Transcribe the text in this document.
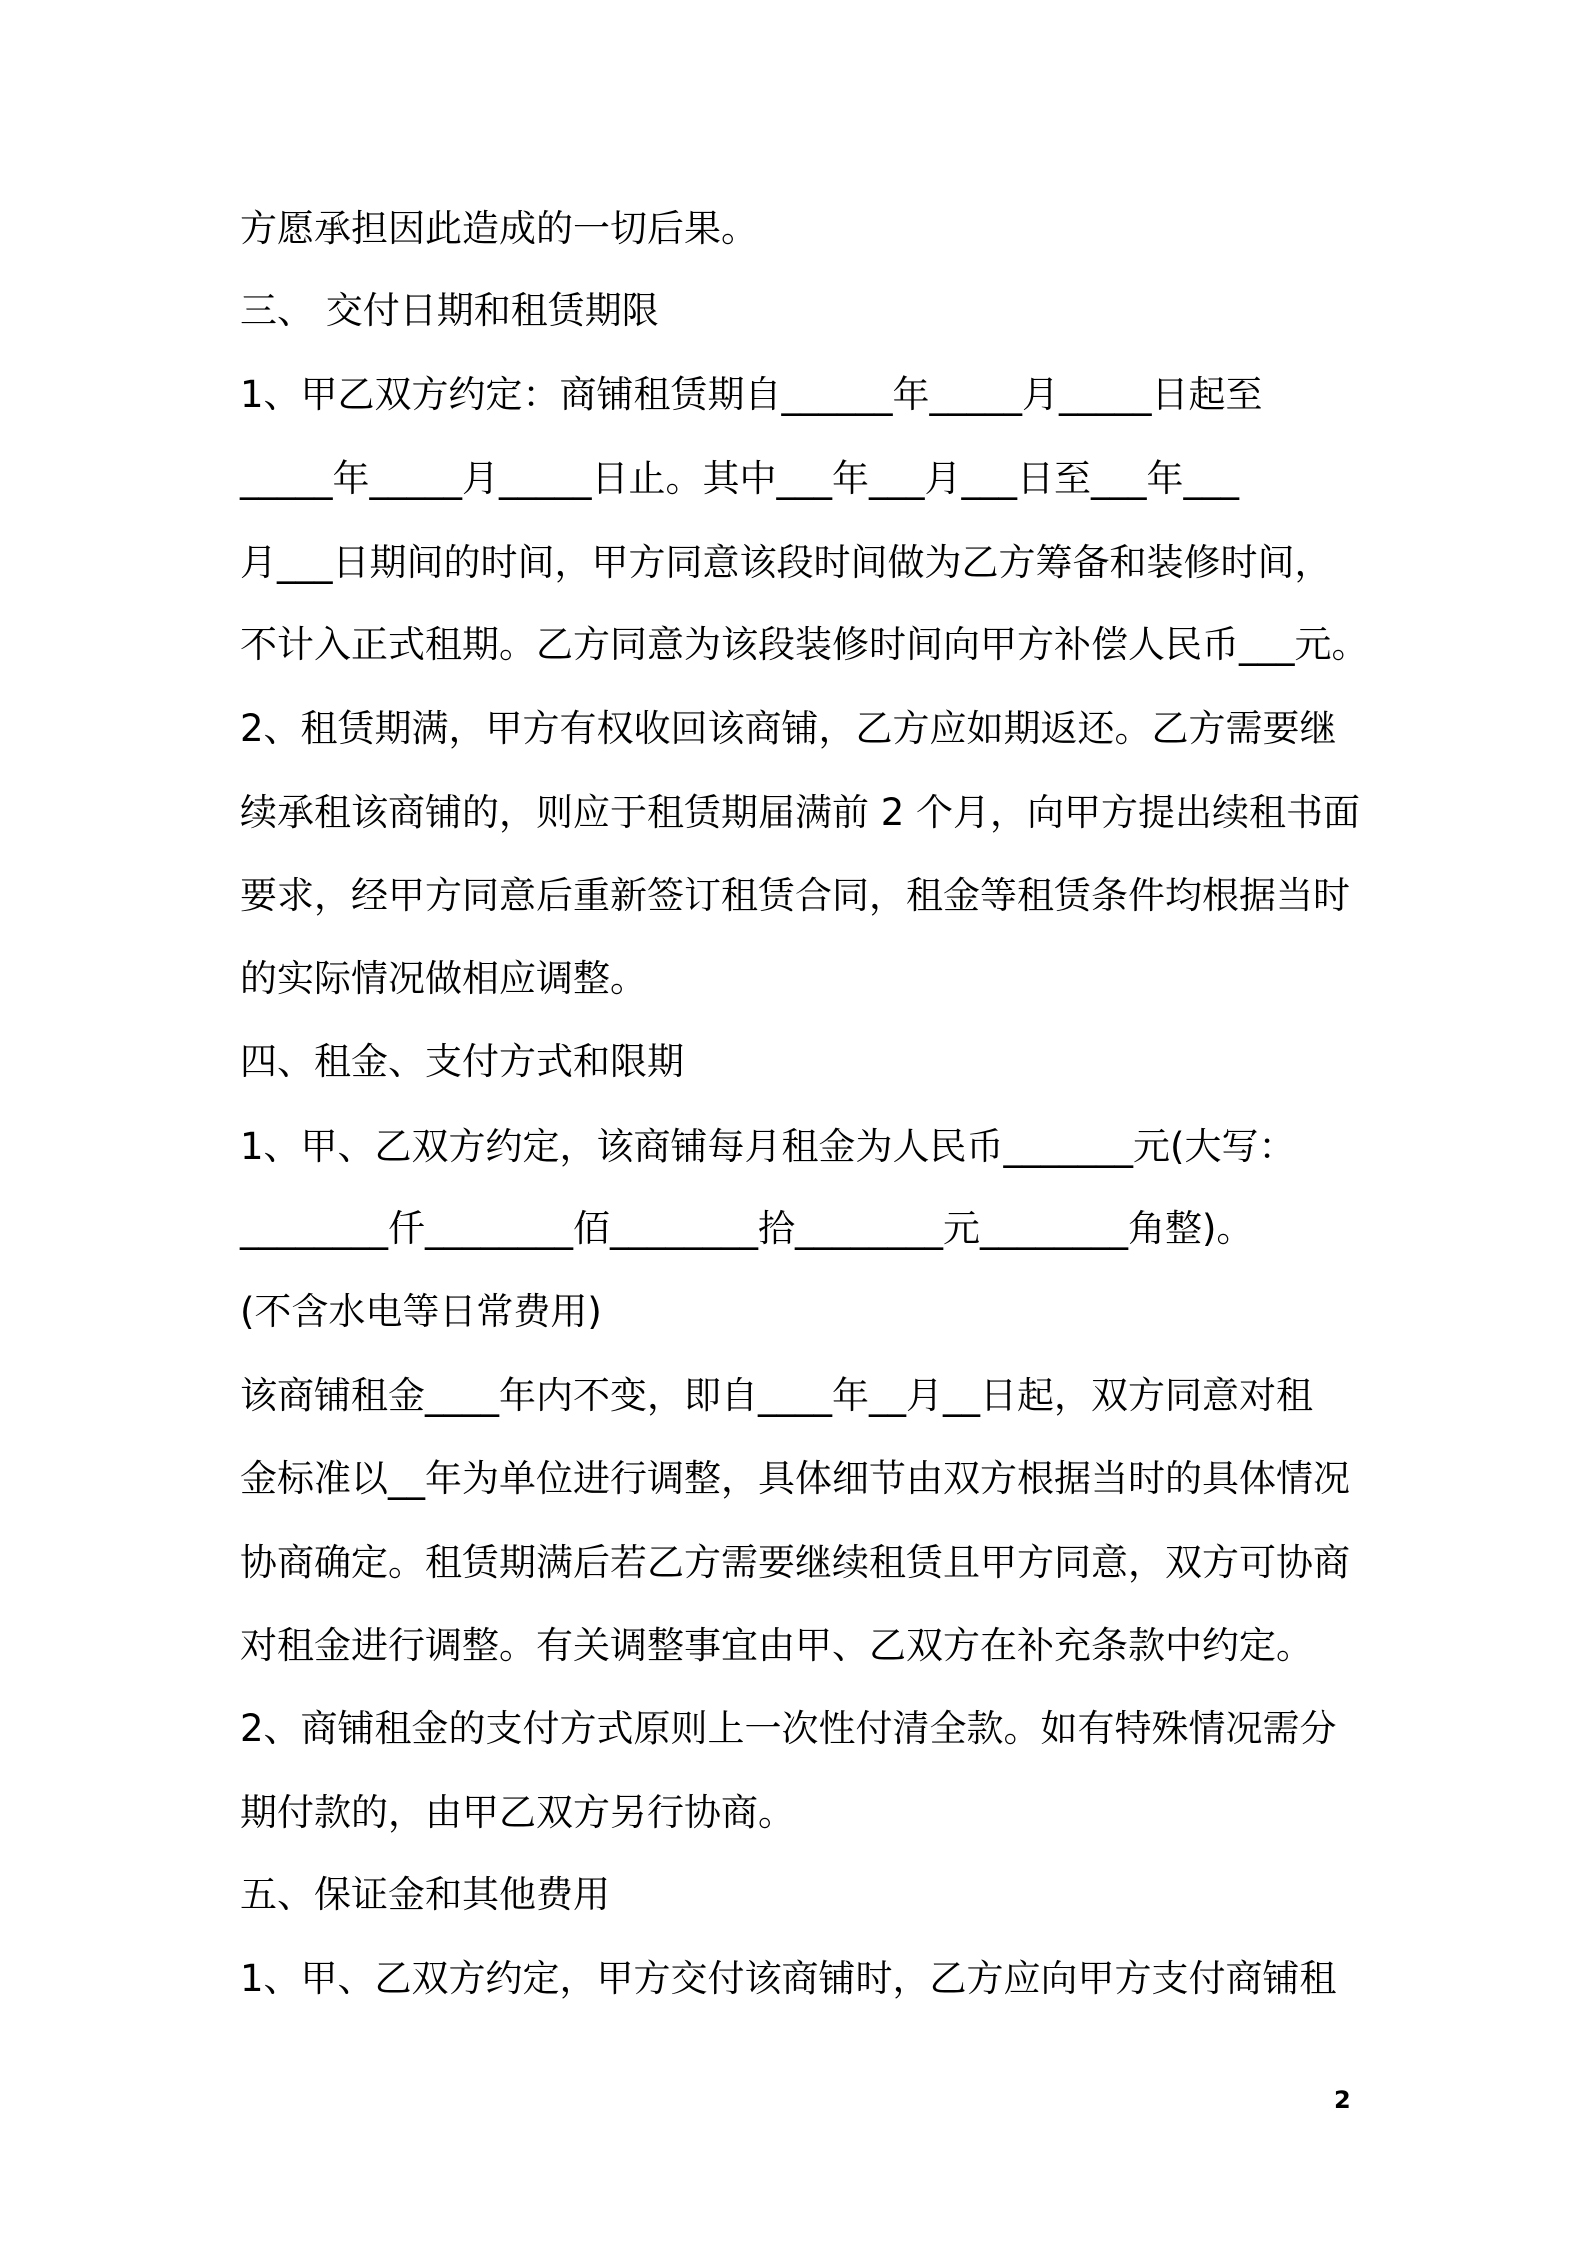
方愿承担因此造成的一切后果。
三、 交付日期和租赁期限
1、甲乙双方约定：商铺租赁期自______年_____月_____日起至
_____年_____月_____日止。其中___年___月___日至___年___
月___日期间的时间，甲方同意该段时间做为乙方筹备和装修时间，
不计入正式租期。乙方同意为该段装修时间向甲方补偿人民币___元。
2、租赁期满，甲方有权收回该商铺，乙方应如期返还。乙方需要继
续承租该商铺的，则应于租赁期届满前 2 个月，向甲方提出续租书面
要求，经甲方同意后重新签订租赁合同，租金等租赁条件均根据当时
的实际情况做相应调整。
四、租金、支付方式和限期
1、甲、乙双方约定，该商铺每月租金为人民币_______元(大写：
________仟________佰________拾________元________角整)。
(不含水电等日常费用)
该商铺租金____年内不变，即自____年__月__日起，双方同意对租
金标准以__年为单位进行调整，具体细节由双方根据当时的具体情况
协商确定。租赁期满后若乙方需要继续租赁且甲方同意，双方可协商
对租金进行调整。有关调整事宜由甲、乙双方在补充条款中约定。
2、商铺租金的支付方式原则上一次性付清全款。如有特殊情况需分
期付款的，由甲乙双方另行协商。
五、保证金和其他费用
1、甲、乙双方约定，甲方交付该商铺时，乙方应向甲方支付商铺租
2
